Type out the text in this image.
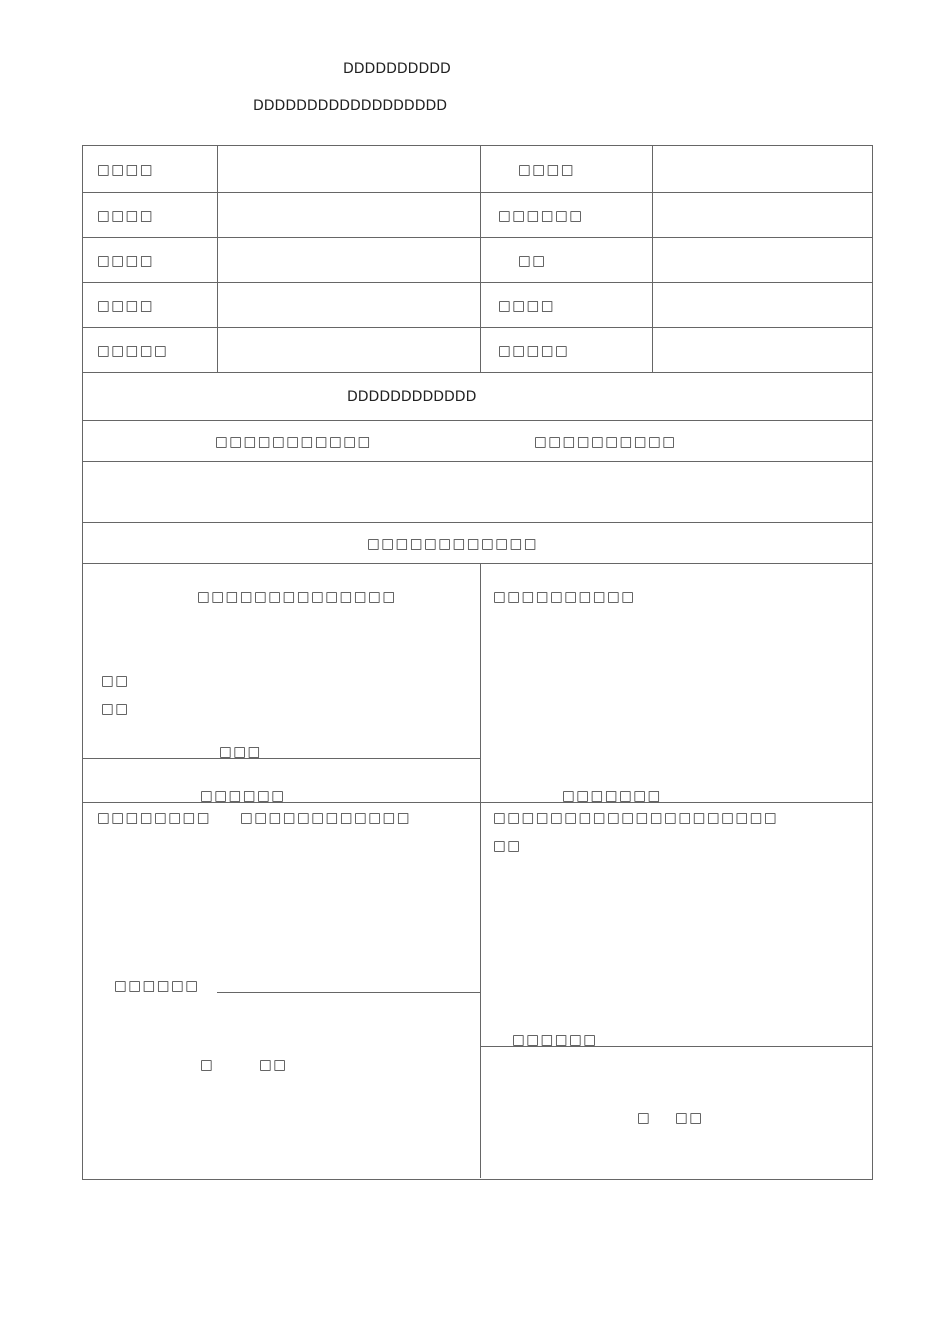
DDDDDDDDDD
DDDDDDDDDDDDDDDDDD
□□□□
□□□□
□□□□
□□□□
□□□□□
□□□□
□□□□□□
□□
□□□□
□□□□□
DDDDDDDDDDDD
□□□□□□□□□□□	□□□□□□□□□□
□□□□□□□□□□□□
□□□□□□□□□□□□□□
□□
□□
□□□
□□□□□□
□□□□□□□□□□
□□□□□□□
□□□□□□□□ □□□□□□□□□□□□
□□□□□□
□	□□
□□□□□□□□□□□□□□□□□□□□
□□
□□□□□□
□ □□
